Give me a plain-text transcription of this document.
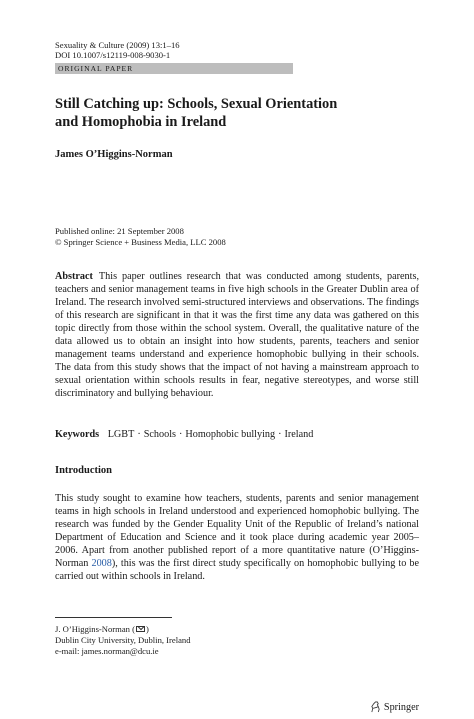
Sexuality & Culture (2009) 13:1–16
DOI 10.1007/s12119-008-9030-1
ORIGINAL PAPER
Still Catching up: Schools, Sexual Orientation
and Homophobia in Ireland
James O’Higgins-Norman
Published online: 21 September 2008
© Springer Science + Business Media, LLC 2008
Abstract This paper outlines research that was conducted among students, parents, teachers and senior management teams in five high schools in the Greater Dublin area of Ireland. The research involved semi-structured interviews and observations. The findings of this research are significant in that it was the first time any data was gathered on this topic directly from those within the school system. Overall, the qualitative nature of the data allowed us to obtain an insight into how students, parents, teachers and senior management teams understand and experience homophobic bullying in their schools. The data from this study shows that the impact of not having a mainstream approach to sexual orientation within schools results in fear, negative stereotypes, and worse still discriminatory and bullying behaviour.
Keywords LGBT · Schools · Homophobic bullying · Ireland
Introduction
This study sought to examine how teachers, students, parents and senior management teams in high schools in Ireland understood and experienced homophobic bullying. The research was funded by the Gender Equality Unit of the Republic of Ireland’s national Department of Education and Science and it took place during academic year 2005–2006. Apart from another published report of a more quantitative nature (O’Higgins-Norman 2008), this was the first direct study specifically on homophobic bullying to be carried out within schools in Ireland.
J. O’Higgins-Norman ( )
Dublin City University, Dublin, Ireland
e-mail: james.norman@dcu.ie
Springer
